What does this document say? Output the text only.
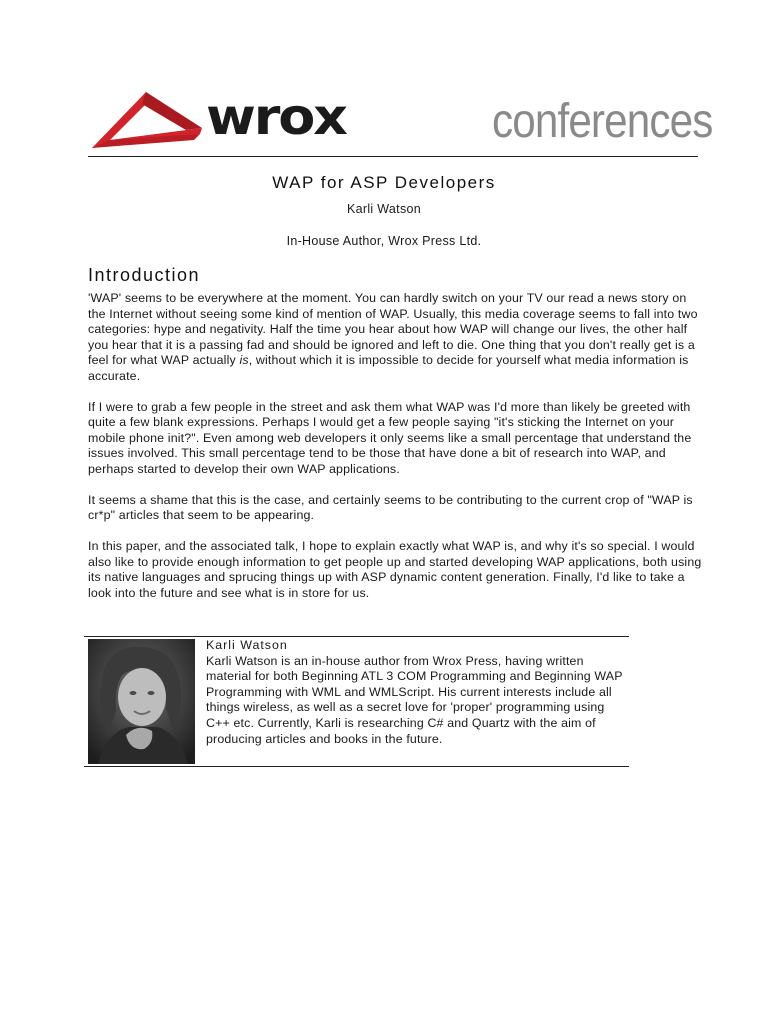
wrox	conferences
WAP for ASP Developers
Karli Watson
In-House Author, Wrox Press Ltd.
Introduction

'WAP' seems to be everywhere at the moment. You can hardly switch on your TV our read a news story on the Internet without seeing some kind of mention of WAP. Usually, this media coverage seems to fall into two categories: hype and negativity. Half the time you hear about how WAP will change our lives, the other half you hear that it is a passing fad and should be ignored and left to die. One thing that you don't really get is a feel for what WAP actually is, without which it is impossible to decide for yourself what media information is accurate.

If I were to grab a few people in the street and ask them what WAP was I'd more than likely be greeted with quite a few blank expressions. Perhaps I would get a few people saying "it's sticking the Internet on your mobile phone init?". Even among web developers it only seems like a small percentage that understand the issues involved. This small percentage tend to be those that have done a bit of research into WAP, and perhaps started to develop their own WAP applications.

It seems a shame that this is the case, and certainly seems to be contributing to the current crop of "WAP is cr*p" articles that seem to be appearing.

In this paper, and the associated talk, I hope to explain exactly what WAP is, and why it's so special. I would also like to provide enough information to get people up and started developing WAP applications, both using its native languages and sprucing things up with ASP dynamic content generation. Finally, I'd like to take a look into the future and see what is in store for us.

Karli Watson
Karli Watson is an in-house author from Wrox Press, having written material for both Beginning ATL 3 COM Programming and Beginning WAP Programming with WML and WMLScript. His current interests include all things wireless, as well as a secret love for 'proper' programming using C++ etc. Currently, Karli is researching C# and Quartz with the aim of producing articles and books in the future.
